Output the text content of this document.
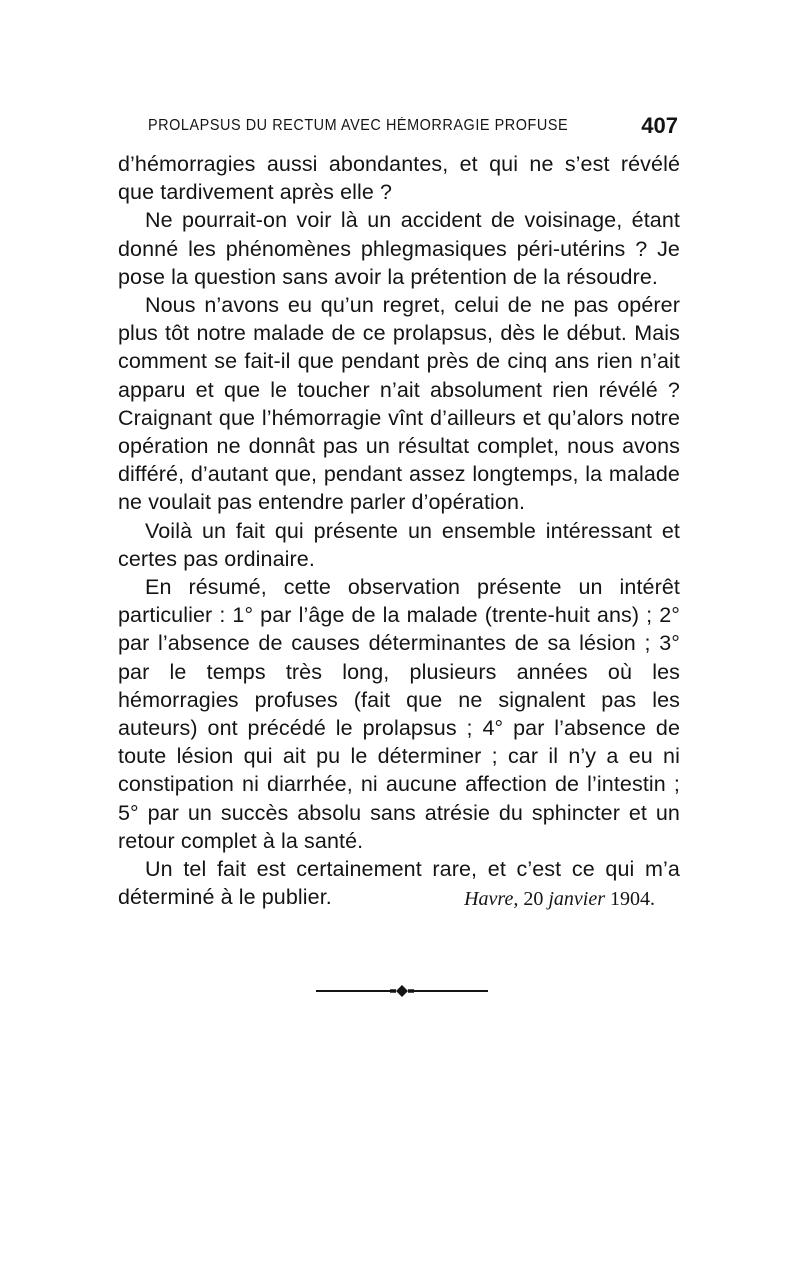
PROLAPSUS DU RECTUM AVEC HÉMORRAGIE PROFUSE	407

d’hémorragies aussi abondantes, et qui ne s’est révélé que tardivement après elle ?

Ne pourrait-on voir là un accident de voisinage, étant donné les phénomènes phlegmasiques péri-utérins ? Je pose la question sans avoir la prétention de la résoudre.

Nous n’avons eu qu’un regret, celui de ne pas opérer plus tôt notre malade de ce prolapsus, dès le début. Mais comment se fait-il que pendant près de cinq ans rien n’ait apparu et que le toucher n’ait absolument rien révélé ? Craignant que l’hémorragie vînt d’ailleurs et qu’alors notre opération ne donnât pas un résultat complet, nous avons différé, d’autant que, pendant assez longtemps, la malade ne voulait pas entendre parler d’opération.

Voilà un fait qui présente un ensemble intéressant et certes pas ordinaire.

En résumé, cette observation présente un intérêt particulier : 1° par l’âge de la malade (trente-huit ans) ; 2° par l’absence de causes déterminantes de sa lésion ; 3° par le temps très long, plusieurs années où les hémorragies profuses (fait que ne signalent pas les auteurs) ont précédé le prolapsus ; 4° par l’absence de toute lésion qui ait pu le déterminer ; car il n’y a eu ni constipation ni diarrhée, ni aucune affection de l’intestin ; 5° par un succès absolu sans atrésie du sphincter et un retour complet à la santé.

Un tel fait est certainement rare, et c’est ce qui m’a déterminé à le publier.	Havre, 20 janvier 1904.
